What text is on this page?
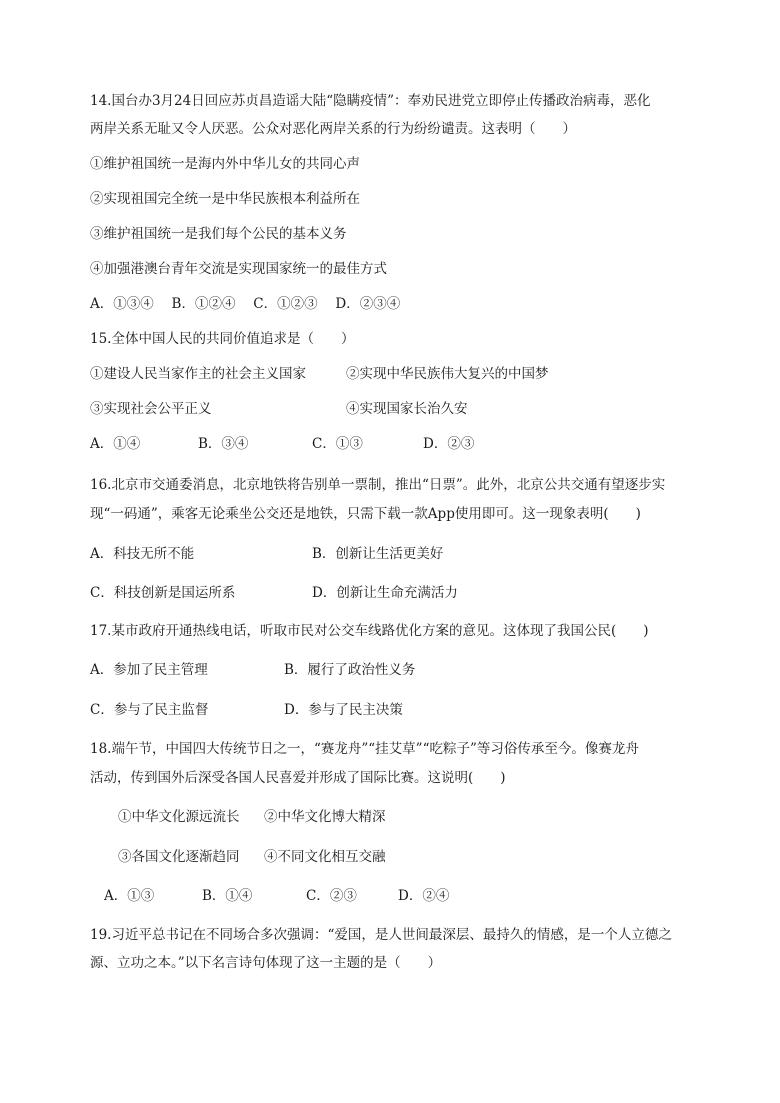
14.国台办3月24日回应苏贞昌造谣大陆“隐瞒疫情”：奉劝民进党立即停止传播政治病毒，恶化
两岸关系无耻又令人厌恶。公众对恶化两岸关系的行为纷纷谴责。这表明（　　）
①维护祖国统一是海内外中华儿女的共同心声
②实现祖国完全统一是中华民族根本利益所在
③维护祖国统一是我们每个公民的基本义务
④加强港澳台青年交流是实现国家统一的最佳方式
A．①③④　 B．①②④　 C．①②③　 D．②③④
15.全体中国人民的共同价值追求是（　　）
①建设人民当家作主的社会主义国家	②实现中华民族伟大复兴的中国梦
③实现社会公平正义	④实现国家长治久安
A．①④	B．③④	C．①③	D．②③
16.北京市交通委消息，北京地铁将告别单一票制，推出“日票”。此外，北京公共交通有望逐步实
现“一码通”，乘客无论乘坐公交还是地铁，只需下载一款App使用即可。这一现象表明(　　)
A．科技无所不能	B．创新让生活更美好
C．科技创新是国运所系	D．创新让生命充满活力
17.某市政府开通热线电话，听取市民对公交车线路优化方案的意见。这体现了我国公民(　　)
A．参加了民主管理	B．履行了政治性义务
C．参与了民主监督	D．参与了民主决策
18.端午节，中国四大传统节日之一，“赛龙舟”“挂艾草”“吃粽子”等习俗传承至今。像赛龙舟
活动，传到国外后深受各国人民喜爱并形成了国际比赛。这说明(　　)
①中华文化源远流长 ②中华文化博大精深
③各国文化逐渐趋同 ④不同文化相互交融
A．①③	B．①④	C．②③	D．②④
19.习近平总书记在不同场合多次强调：“爱国，是人世间最深层、最持久的情感，是一个人立德之
源、立功之本。”以下名言诗句体现了这一主题的是（　　）
